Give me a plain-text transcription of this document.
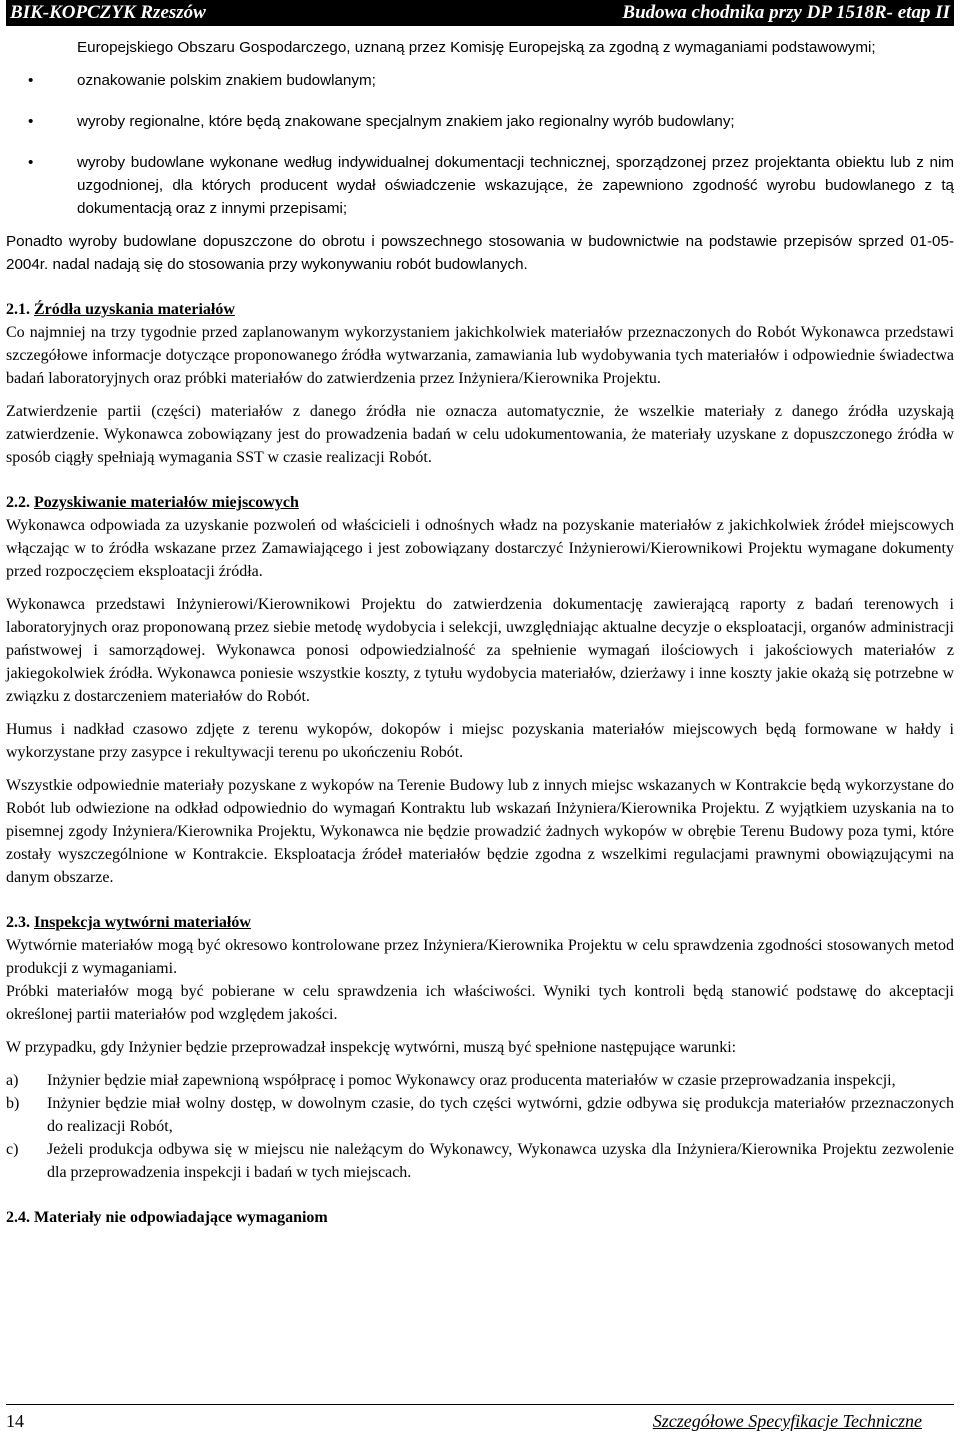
BIK-KOPCZYK Rzeszów	Budowa chodnika przy DP 1518R- etap II
Europejskiego Obszaru Gospodarczego, uznaną przez Komisję Europejską za zgodną z wymaganiami podstawowymi;
• oznakowanie polskim znakiem budowlanym;
• wyroby regionalne, które będą znakowane specjalnym znakiem jako regionalny wyrób budowlany;
• wyroby budowlane wykonane według indywidualnej dokumentacji technicznej, sporządzonej przez projektanta obiektu lub z nim uzgodnionej, dla których producent wydał oświadczenie wskazujące, że zapewniono zgodność wyrobu budowlanego z tą dokumentacją oraz z innymi przepisami;

Ponadto wyroby budowlane dopuszczone do obrotu i powszechnego stosowania w budownictwie na podstawie przepisów sprzed 01-05-2004r. nadal nadają się do stosowania przy wykonywaniu robót budowlanych.

2.1. Źródła uzyskania materiałów

Co najmniej na trzy tygodnie przed zaplanowanym wykorzystaniem jakichkolwiek materiałów przeznaczonych do Robót Wykonawca przedstawi szczegółowe informacje dotyczące proponowanego źródła wytwarzania, zamawiania lub wydobywania tych materiałów i odpowiednie świadectwa badań laboratoryjnych oraz próbki materiałów do zatwierdzenia przez Inżyniera/Kierownika Projektu.

Zatwierdzenie partii (części) materiałów z danego źródła nie oznacza automatycznie, że wszelkie materiały z danego źródła uzyskają zatwierdzenie. Wykonawca zobowiązany jest do prowadzenia badań w celu udokumentowania, że materiały uzyskane z dopuszczonego źródła w sposób ciągły spełniają wymagania SST w czasie realizacji Robót.

2.2. Pozyskiwanie materiałów miejscowych

Wykonawca odpowiada za uzyskanie pozwoleń od właścicieli i odnośnych władz na pozyskanie materiałów z jakichkolwiek źródeł miejscowych włączając w to źródła wskazane przez Zamawiającego i jest zobowiązany dostarczyć Inżynierowi/Kierownikowi Projektu wymagane dokumenty przed rozpoczęciem eksploatacji źródła.

Wykonawca przedstawi Inżynierowi/Kierownikowi Projektu do zatwierdzenia dokumentację zawierającą raporty z badań terenowych i laboratoryjnych oraz proponowaną przez siebie metodę wydobycia i selekcji, uwzględniając aktualne decyzje o eksploatacji, organów administracji państwowej i samorządowej. Wykonawca ponosi odpowiedzialność za spełnienie wymagań ilościowych i jakościowych materiałów z jakiegokolwiek źródła. Wykonawca poniesie wszystkie koszty, z tytułu wydobycia materiałów, dzierżawy i inne koszty jakie okażą się potrzebne w związku z dostarczeniem materiałów do Robót.

Humus i nadkład czasowo zdjęte z terenu wykopów, dokopów i miejsc pozyskania materiałów miejscowych będą formowane w hałdy i wykorzystane przy zasypce i rekultywacji terenu po ukończeniu Robót.

Wszystkie odpowiednie materiały pozyskane z wykopów na Terenie Budowy lub z innych miejsc wskazanych w Kontrakcie będą wykorzystane do Robót lub odwiezione na odkład odpowiednio do wymagań Kontraktu lub wskazań Inżyniera/Kierownika Projektu. Z wyjątkiem uzyskania na to pisemnej zgody Inżyniera/Kierownika Projektu, Wykonawca nie będzie prowadzić żadnych wykopów w obrębie Terenu Budowy poza tymi, które zostały wyszczególnione w Kontrakcie. Eksploatacja źródeł materiałów będzie zgodna z wszelkimi regulacjami prawnymi obowiązującymi na danym obszarze.

2.3. Inspekcja wytwórni materiałów

Wytwórnie materiałów mogą być okresowo kontrolowane przez Inżyniera/Kierownika Projektu w celu sprawdzenia zgodności stosowanych metod produkcji z wymaganiami.

Próbki materiałów mogą być pobierane w celu sprawdzenia ich właściwości. Wyniki tych kontroli będą stanowić podstawę do akceptacji określonej partii materiałów pod względem jakości.

W przypadku, gdy Inżynier będzie przeprowadzał inspekcję wytwórni, muszą być spełnione następujące warunki:

a) Inżynier będzie miał zapewnioną współpracę i pomoc Wykonawcy oraz producenta materiałów w czasie przeprowadzania inspekcji,
b) Inżynier będzie miał wolny dostęp, w dowolnym czasie, do tych części wytwórni, gdzie odbywa się produkcja materiałów przeznaczonych do realizacji Robót,
c) Jeżeli produkcja odbywa się w miejscu nie należącym do Wykonawcy, Wykonawca uzyska dla Inżyniera/Kierownika Projektu zezwolenie dla przeprowadzenia inspekcji i badań w tych miejscach.
2.4. Materiały nie odpowiadające wymaganiom
14	Szczegółowe Specyfikacje Techniczne
